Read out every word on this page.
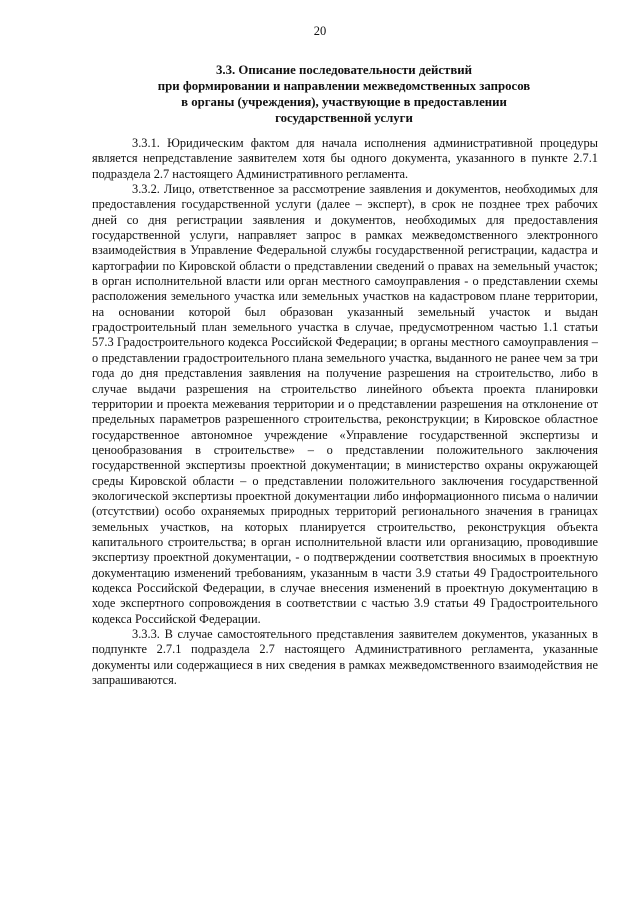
20
3.3. Описание последовательности действий
при формировании и направлении межведомственных запросов
в органы (учреждения), участвующие в предоставлении
государственной услуги

3.3.1. Юридическим фактом для начала исполнения административной процедуры является непредставление заявителем хотя бы одного документа, указанного в пункте 2.7.1 подраздела 2.7 настоящего Административного регламента.

3.3.2. Лицо, ответственное за рассмотрение заявления и документов, необходимых для предоставления государственной услуги (далее – эксперт), в срок не позднее трех рабочих дней со дня регистрации заявления и документов, необходимых для предоставления государственной услуги, направляет запрос в рамках межведомственного электронного взаимодействия в Управление Федеральной службы государственной регистрации, кадастра и картографии по Кировской области о представлении сведений о правах на земельный участок; в орган исполнительной власти или орган местного самоуправления - о представлении схемы расположения земельного участка или земельных участков на кадастровом плане территории, на основании которой был образован указанный земельный участок и выдан градостроительный план земельного участка в случае, предусмотренном частью 1.1 статьи 57.3 Градостроительного кодекса Российской Федерации; в органы местного самоуправления – о представлении градостроительного плана земельного участка, выданного не ранее чем за три года до дня представления заявления на получение разрешения на строительство, либо в случае выдачи разрешения на строительство линейного объекта проекта планировки территории и проекта межевания территории и о представлении разрешения на отклонение от предельных параметров разрешенного строительства, реконструкции; в Кировское областное государственное автономное учреждение «Управление государственной экспертизы и ценообразования в строительстве» – о представлении положительного заключения государственной экспертизы проектной документации; в министерство охраны окружающей среды Кировской области – о представлении положительного заключения государственной экологической экспертизы проектной документации либо информационного письма о наличии (отсутствии) особо охраняемых природных территорий регионального значения в границах земельных участков, на которых планируется строительство, реконструкция объекта капитального строительства; в орган исполнительной власти или организацию, проводившие экспертизу проектной документации, - о подтверждении соответствия вносимых в проектную документацию изменений требованиям, указанным в части 3.9 статьи 49 Градостроительного кодекса Российской Федерации, в случае внесения изменений в проектную документацию в ходе экспертного сопровождения в соответствии с частью 3.9 статьи 49 Градостроительного кодекса Российской Федерации.

3.3.3. В случае самостоятельного представления заявителем документов, указанных в подпункте 2.7.1 подраздела 2.7 настоящего Административного регламента, указанные документы или содержащиеся в них сведения в рамках межведомственного взаимодействия не запрашиваются.
